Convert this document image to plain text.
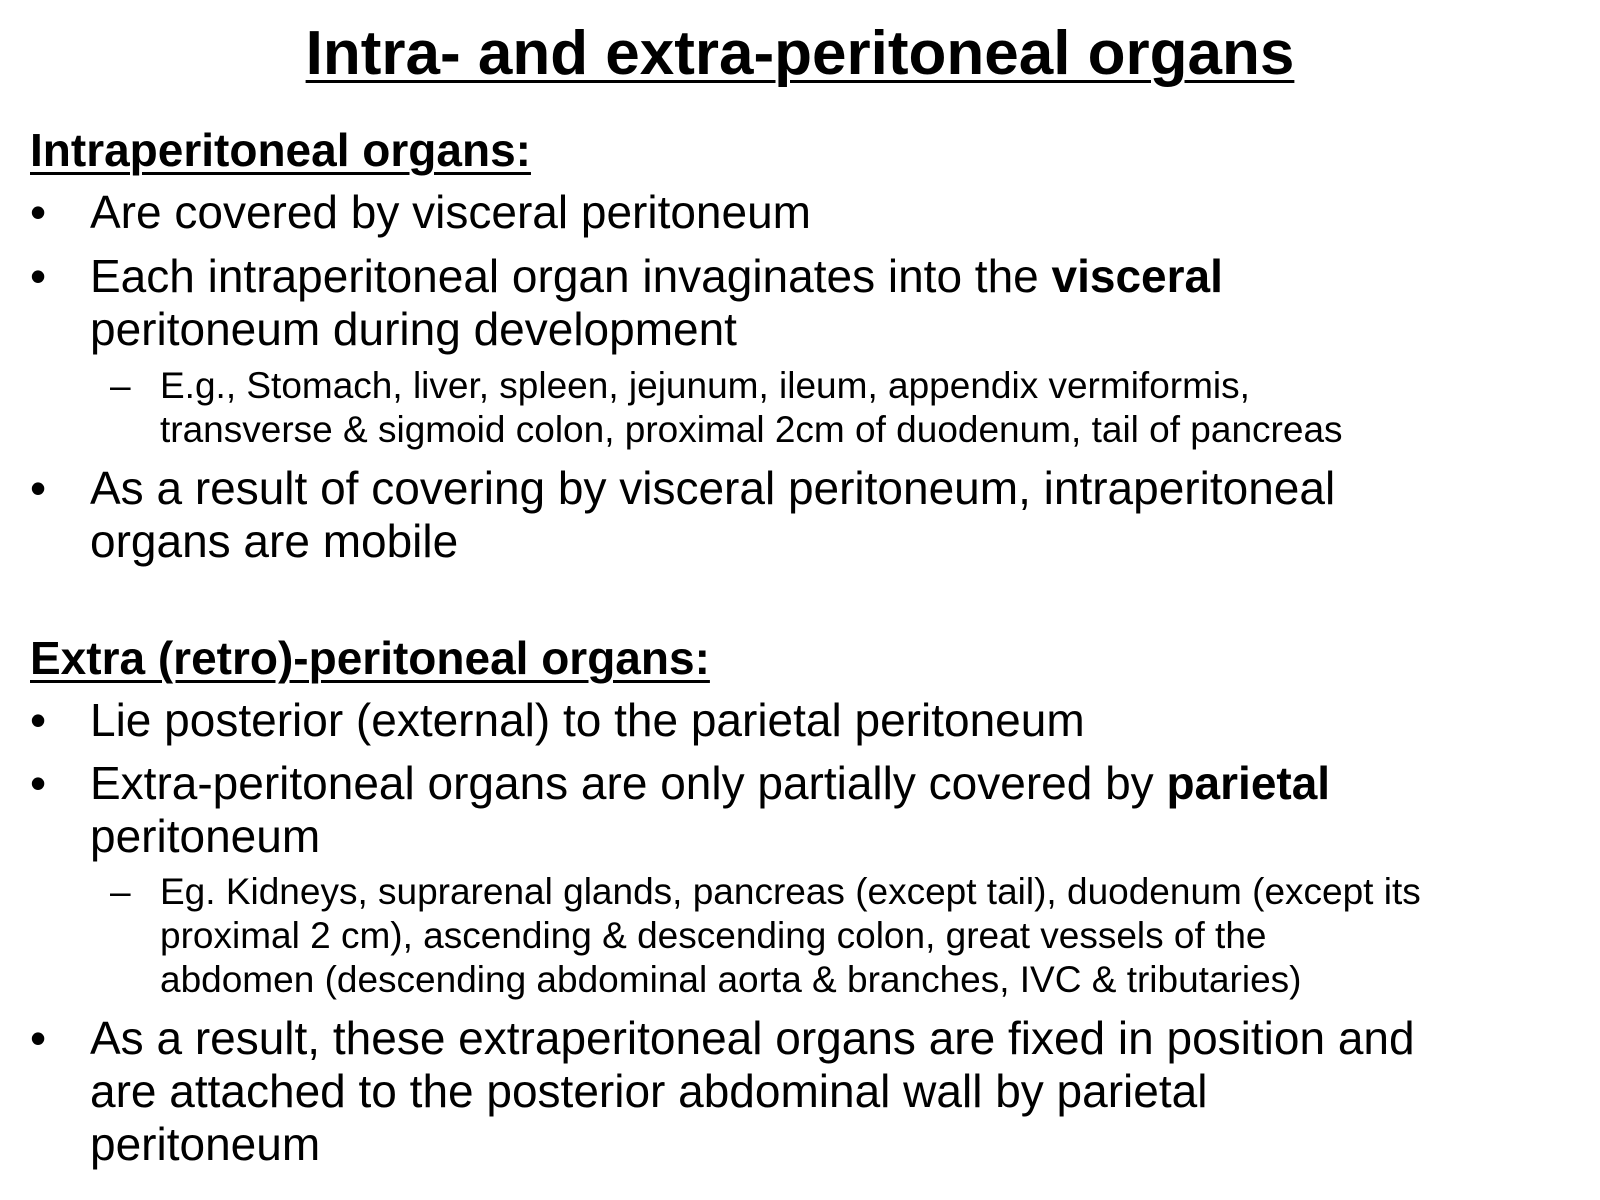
Intra- and extra-peritoneal organs
Intraperitoneal organs:
• Are covered by visceral peritoneum
• Each intraperitoneal organ invaginates into the visceral
peritoneum during development
– E.g., Stomach, liver, spleen, jejunum, ileum, appendix vermiformis,
transverse & sigmoid colon, proximal 2cm of duodenum, tail of pancreas
• As a result of covering by visceral peritoneum, intraperitoneal
organs are mobile
Extra (retro)-peritoneal organs:
• Lie posterior (external) to the parietal peritoneum
• Extra-peritoneal organs are only partially covered by parietal
peritoneum
– Eg. Kidneys, suprarenal glands, pancreas (except tail), duodenum (except its
proximal 2 cm), ascending & descending colon, great vessels of the
abdomen (descending abdominal aorta & branches, IVC & tributaries)
• As a result, these extraperitoneal organs are fixed in position and
are attached to the posterior abdominal wall by parietal
peritoneum
